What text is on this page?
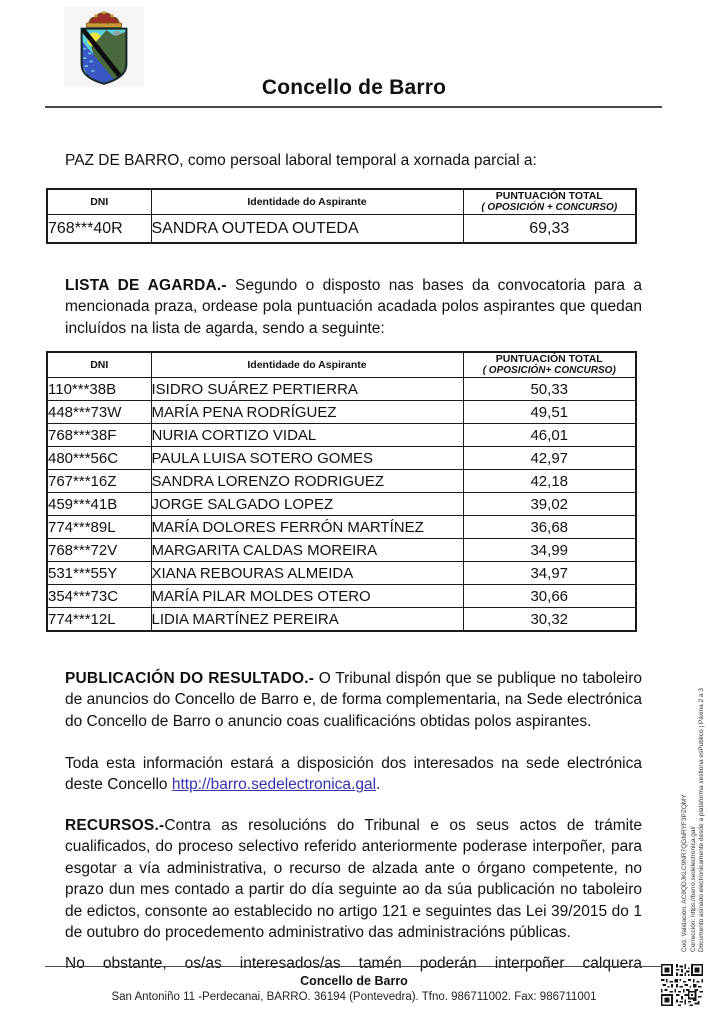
Concello de Barro

PAZ DE BARRO, como persoal laboral temporal a xornada parcial a:

DNI	Identidade do Aspirante	PUNTUACIÓN TOTAL
( OPOSICIÓN + CONCURSO)

768***40R	SANDRA OUTEDA OUTEDA	69,33

LISTA DE AGARDA.- Segundo o disposto nas bases da convocatoria para a mencionada praza, ordease pola puntuación acadada polos aspirantes que quedan incluídos na lista de agarda, sendo a seguinte:

DNI	Identidade do Aspirante	PUNTUACIÓN TOTAL
( OPOSICIÓN+ CONCURSO)

110***38B	ISIDRO SUÁREZ PERTIERRA	50,33
448***73W	MARÍA PENA RODRÍGUEZ	49,51
768***38F	NURIA CORTIZO VIDAL	46,01
480***56C	PAULA LUISA SOTERO GOMES	42,97
767***16Z	SANDRA LORENZO RODRIGUEZ	42,18
459***41B	JORGE SALGADO LOPEZ	39,02
774***89L	MARÍA DOLORES FERRÓN MARTÍNEZ	36,68
768***72V	MARGARITA CALDAS MOREIRA	34,99
531***55Y	XIANA REBOURAS ALMEIDA	34,97
354***73C	MARÍA PILAR MOLDES OTERO	30,66
774***12L	LIDIA MARTÍNEZ PEREIRA	30,32

PUBLICACIÓN DO RESULTADO.- O Tribunal dispón que se publique no taboleiro de anuncios do Concello de Barro e, de forma complementaria, na Sede electrónica do Concello de Barro o anuncio coas cualificacións obtidas polos aspirantes.

Toda esta información estará a disposición dos interesados na sede electrónica deste Concello http://barro.sedelectronica.gal.

RECURSOS.-Contra as resolucións do Tribunal e os seus actos de trámite cualificados, do proceso selectivo referido anteriormente poderase interpoñer, para esgotar a vía administrativa, o recurso de alzada ante o órgano competente, no prazo dun mes contado a partir do día seguinte ao da súa publicación no taboleiro de edictos, consonte ao establecido no artigo 121 e seguintes das Lei 39/2015 do 1 de outubro do procedemento administrativo das administracións públicas.

No obstante, os/as interesados/as tamén poderán interpoñer calquera

Concello de Barro
San Antoniño 11 -Perdecanai, BARRO. 36194 (Pontevedra). Tfno. 986711002. Fax: 986711001
Cod. Validación: AC9QDJKLC9NR7QGNRYF3PZQMY Corrección: https://barro.sedelectronica.gal/ Documento asinado electronicamente desde a plataforma xestiona esPublico | Páxina 2 a 3
